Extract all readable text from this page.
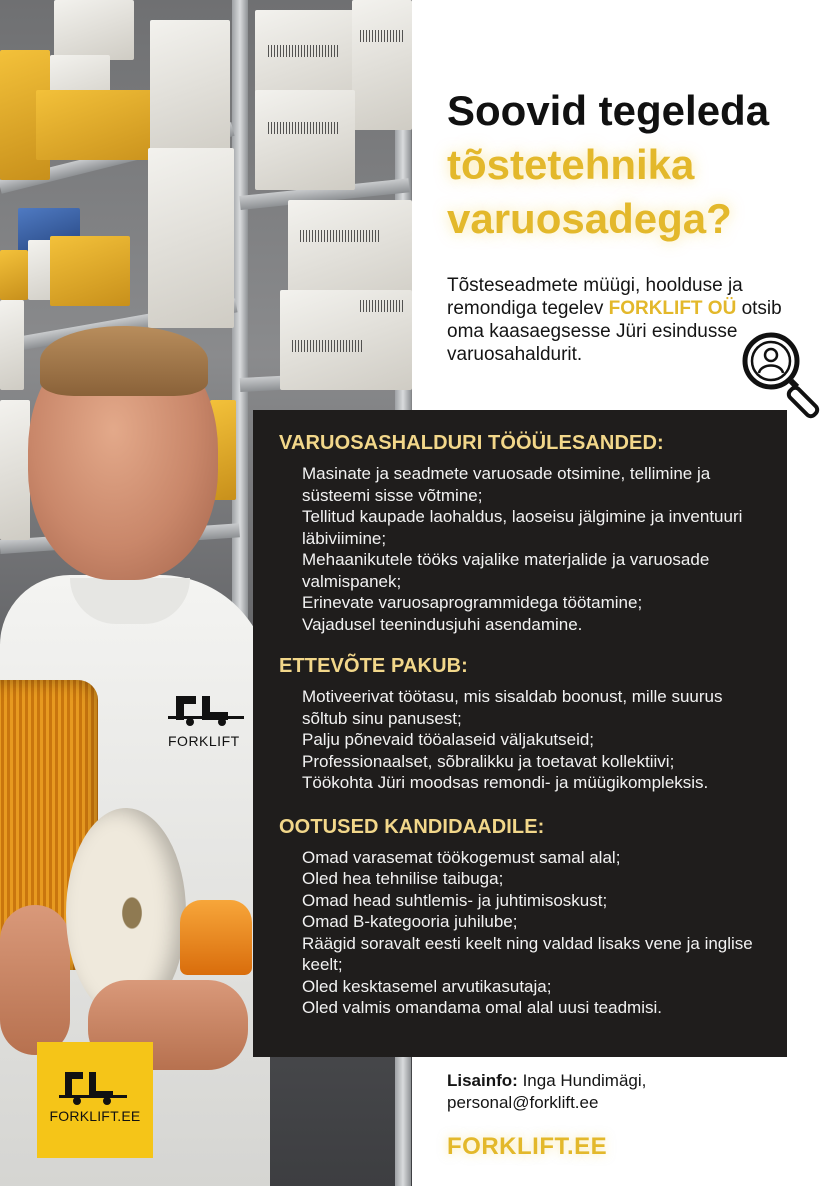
FORKLIFT
FORKLIFT.EE
Soovid tegeleda
tõstetehnika
varuosadega?
Tõsteseadmete müügi, hoolduse ja remondiga tegelev FORKLIFT OÜ otsib oma kaasaegsesse Jüri esindusse varuosahaldurit.
VARUOSASHALDURI TÖÖÜLESANDED:
Masinate ja seadmete varuosade otsimine, tellimine ja süsteemi sisse võtmine;
Tellitud kaupade laohaldus, laoseisu jälgimine ja inventuuri läbiviimine;
Mehaanikutele tööks vajalike materjalide ja varuosade valmispanek;
Erinevate varuosaprogrammidega töötamine;
Vajadusel teenindusjuhi asendamine.
ETTEVÕTE PAKUB:
Motiveerivat töötasu, mis sisaldab boonust, mille suurus sõltub sinu panusest;
Palju põnevaid tööalaseid väljakutseid;
Professionaalset, sõbralikku ja toetavat kollektiivi;
Töökohta Jüri moodsas remondi- ja müügikompleksis.
OOTUSED KANDIDAADILE:
Omad varasemat töökogemust samal alal;
Oled hea tehnilise taibuga;
Omad head suhtlemis- ja juhtimisoskust;
Omad B-kategooria juhilube;
Räägid soravalt eesti keelt ning valdad lisaks vene ja inglise keelt;
Oled kesktasemel arvutikasutaja;
Oled valmis omandama omal alal uusi teadmisi.
Lisainfo: Inga Hundimägi,
personal@forklift.ee
FORKLIFT.EE
